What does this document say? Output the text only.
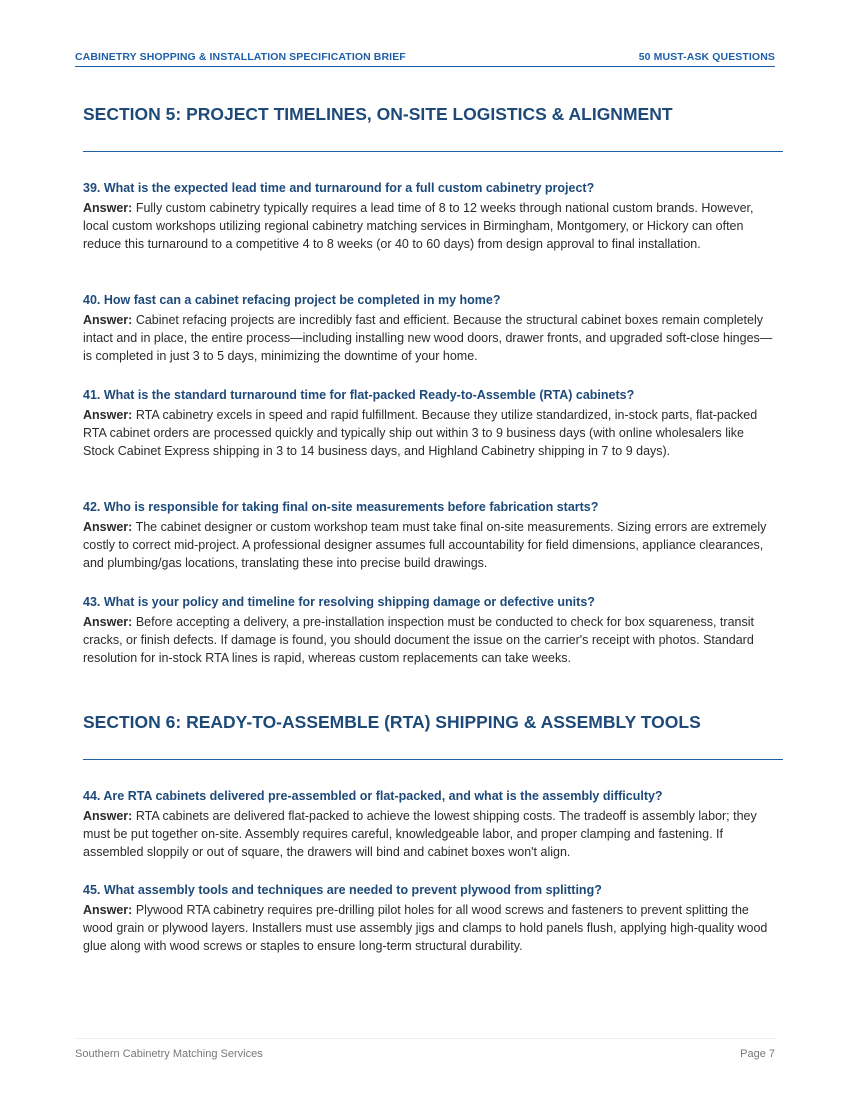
CABINETRY SHOPPING & INSTALLATION SPECIFICATION BRIEF	50 MUST-ASK QUESTIONS
SECTION 5: PROJECT TIMELINES, ON-SITE LOGISTICS & ALIGNMENT

39. What is the expected lead time and turnaround for a full custom cabinetry project?

Answer: Fully custom cabinetry typically requires a lead time of 8 to 12 weeks through national custom brands. However, local custom workshops utilizing regional cabinetry matching services in Birmingham, Montgomery, or Hickory can often reduce this turnaround to a competitive 4 to 8 weeks (or 40 to 60 days) from design approval to final installation.

40. How fast can a cabinet refacing project be completed in my home?

Answer: Cabinet refacing projects are incredibly fast and efficient. Because the structural cabinet boxes remain completely intact and in place, the entire process—including installing new wood doors, drawer fronts, and upgraded soft-close hinges—is completed in just 3 to 5 days, minimizing the downtime of your home.

41. What is the standard turnaround time for flat-packed Ready-to-Assemble (RTA) cabinets?

Answer: RTA cabinetry excels in speed and rapid fulfillment. Because they utilize standardized, in-stock parts, flat-packed RTA cabinet orders are processed quickly and typically ship out within 3 to 9 business days (with online wholesalers like Stock Cabinet Express shipping in 3 to 14 business days, and Highland Cabinetry shipping in 7 to 9 days).

42. Who is responsible for taking final on-site measurements before fabrication starts?

Answer: The cabinet designer or custom workshop team must take final on-site measurements. Sizing errors are extremely costly to correct mid-project. A professional designer assumes full accountability for field dimensions, appliance clearances, and plumbing/gas locations, translating these into precise build drawings.

43. What is your policy and timeline for resolving shipping damage or defective units?

Answer: Before accepting a delivery, a pre-installation inspection must be conducted to check for box squareness, transit cracks, or finish defects. If damage is found, you should document the issue on the carrier's receipt with photos. Standard resolution for in-stock RTA lines is rapid, whereas custom replacements can take weeks.

SECTION 6: READY-TO-ASSEMBLE (RTA) SHIPPING & ASSEMBLY TOOLS

44. Are RTA cabinets delivered pre-assembled or flat-packed, and what is the assembly difficulty?

Answer: RTA cabinets are delivered flat-packed to achieve the lowest shipping costs. The tradeoff is assembly labor; they must be put together on-site. Assembly requires careful, knowledgeable labor, and proper clamping and fastening. If assembled sloppily or out of square, the drawers will bind and cabinet boxes won't align.

45. What assembly tools and techniques are needed to prevent plywood from splitting?

Answer: Plywood RTA cabinetry requires pre-drilling pilot holes for all wood screws and fasteners to prevent splitting the wood grain or plywood layers. Installers must use assembly jigs and clamps to hold panels flush, applying high-quality wood glue along with wood screws or staples to ensure long-term structural durability.

Southern Cabinetry Matching Services	Page 7
